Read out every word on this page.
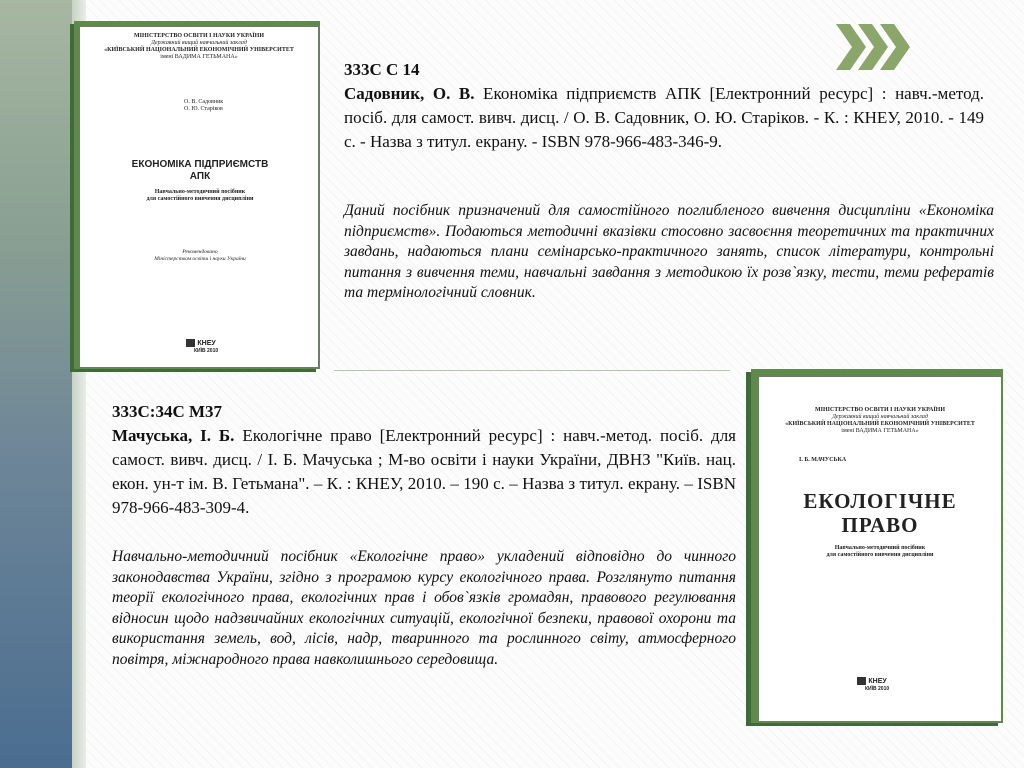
МІНІСТЕРСТВО ОСВІТИ І НАУКИ УКРАЇНИ
Державний вищий навчальний заклад
«КИЇВСЬКИЙ НАЦІОНАЛЬНИЙ ЕКОНОМІЧНИЙ УНІВЕРСИТЕТ
імені ВАДИМА ГЕТЬМАНА»
О. В. Садовник
О. Ю. Старіков
ЕКОНОМІКА ПІДПРИЄМСТВ
АПК
Навчально-методичний посібник
для самостійного вивчення дисципліни
Рекомендовано
Міністерством освіти і науки України
КНЕУ
КИЇВ 2010
333С С 14
Садовник, О. В. Економіка підприємств АПК [Електронний ресурс] : навч.-метод. посіб. для самост. вивч. дисц. / О. В. Садовник, О. Ю. Старіков. - К. : КНЕУ, 2010. - 149 с. - Назва з титул. екрану. - ISBN 978-966-483-346-9.
Даний посібник призначений для самостійного поглибленого вивчення дисципліни «Економіка підприємств». Подаються методичні вказівки стосовно засвоєння теоретичних та практичних завдань, надаються плани семінарсько-практичного занять, список літератури, контрольні питання з вивчення теми, навчальні завдання з методикою їх розв`язку, тести, теми рефератів та термінологічний словник.
333С:34С М37
Мачуська, І. Б. Екологічне право [Електронний ресурс] : навч.-метод. посіб. для самост. вивч. дисц. / І. Б. Мачуська ; М-во освіти і науки України, ДВНЗ "Київ. нац. екон. ун-т ім. В. Гетьмана". – К. : КНЕУ, 2010. – 190 с. – Назва з титул. екрану. – ISBN 978-966-483-309-4.
Навчально-методичний посібник «Екологічне право» укладений відповідно до чинного законодавства України, згідно з програмою курсу екологічного права. Розглянуто питання теорії екологічного права, екологічних прав і обов`язків громадян, правового регулювання відносин щодо надзвичайних екологічних ситуацій, екологічної безпеки, правової охорони та використання земель, вод, лісів, надр, тваринного та рослинного світу, атмосферного повітря, міжнародного права навколишнього середовища.
МІНІСТЕРСТВО ОСВІТИ І НАУКИ УКРАЇНИ
Державний вищий навчальний заклад
«КИЇВСЬКИЙ НАЦІОНАЛЬНИЙ ЕКОНОМІЧНИЙ УНІВЕРСИТЕТ
імені ВАДИМА ГЕТЬМАНА»
І. Б. МАЧУСЬКА
ЕКОЛОГІЧНЕ
ПРАВО
Навчально-методичний посібник
для самостійного вивчення дисципліни
КНЕУ
КИЇВ 2010
